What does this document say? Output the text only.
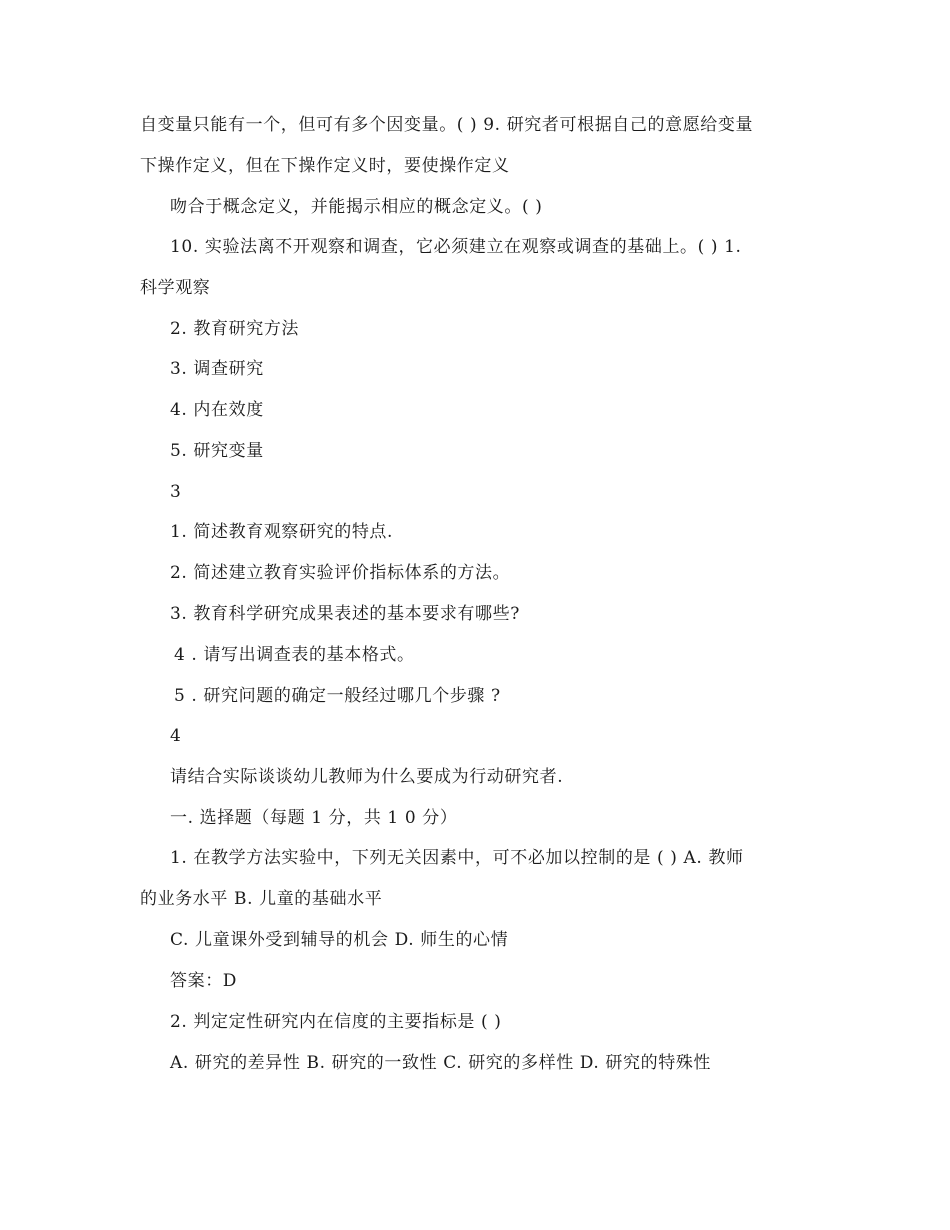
自变量只能有一个，但可有多个因变量。( ) 9. 研究者可根据自己的意愿给变量
下操作定义，但在下操作定义时，要使操作定义
吻合于概念定义，并能揭示相应的概念定义。( )
10. 实验法离不开观察和调查，它必须建立在观察或调查的基础上。( ) 1.
科学观察
2. 教育研究方法
3. 调查研究
4. 内在效度
5. 研究变量
3
1. 简述教育观察研究的特点.
2. 简述建立教育实验评价指标体系的方法。
3. 教育科学研究成果表述的基本要求有哪些?
4 . 请写出调查表的基本格式。
5 . 研究问题的确定一般经过哪几个步骤 ?
4
请结合实际谈谈幼儿教师为什么要成为行动研究者.
一. 选择题（每题 1 分，共 1 0 分）
1. 在教学方法实验中，下列无关因素中，可不必加以控制的是 ( ) A. 教师
的业务水平 B. 儿童的基础水平
C. 儿童课外受到辅导的机会 D. 师生的心情
答案：D
2. 判定定性研究内在信度的主要指标是 ( )
A. 研究的差异性 B. 研究的一致性 C. 研究的多样性 D. 研究的特殊性
